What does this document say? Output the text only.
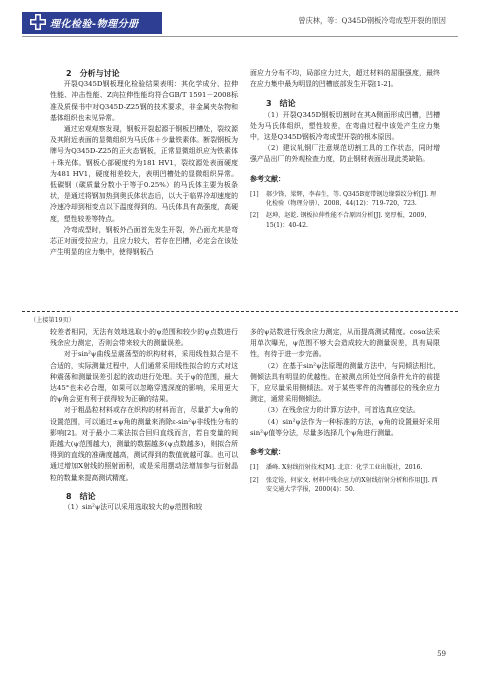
理化检验-物理分册	曾庆林，等：Q345D钢板冷弯成型开裂的原因

2　分析与讨论

开裂Q345D钢板理化检验结果表明：其化学成分、拉伸性能、冲击性能、Z向拉伸性能均符合GB/T 1591－2008标准及质保书中对Q345D-Z25钢的技术要求，非金属夹杂物和基体组织也未见异常。

通过宏观观察发现，钢板开裂起源于钢板凹槽处，裂纹源及其附近表面的显微组织为马氏体＋少量铁素体。断裂钢板为牌号为Q345D-Z25的正火态钢板，正常显微组织应为铁素体＋珠光体。钢板心部硬度约为181 HV1，裂纹源处表面硬度为481 HV1，硬度相差较大，表明凹槽处的显微组织异常。低碳钢（碳质量分数小于等于0.25%）的马氏体主要为板条状，是通过将钢加热到奥氏体状态后，以大于临界冷却速度的冷速冷却到相变点以下温度得到的。马氏体具有高强度，高硬度，塑性较差等特点。

冷弯成型时，钢板外凸面首先发生开裂，外凸面尤其是弯芯正对面受拉应力，且应力较大，若存在凹槽，必定会在该处产生明显的应力集中，使得钢板凸

面应力分布不均，局部应力过大，超过材料的屈服强度，最终在应力集中最为明显的凹槽底部发生开裂[1-2]。

3　结论

（1）开裂Q345D钢板切割时在其A侧面形成凹槽，凹槽处为马氏体组织，塑性较差，在弯曲过程中该处产生应力集中，这是Q345D钢板冷弯成型开裂的根本原因。

（2）建议轧钢厂注意规范切割工具的工作状态，同时增强产品出厂的外观检查力度，防止钢材表面出现此类缺陷。

参考文献：
[1]	郝少锋，梁辉，李春生，等. Q345B宽带钢边缘裂纹分析[J]. 理化检验（物理分册），2008，44(12)：719-720，723.
[2]	赵坤，赵乾. 钢板拉伸性能不合原因分析[J]. 宽厚板，2009，15(1)：40-42.
（上接第19页）

较差者相同，无法有效地选取小的ψ范围和较少的ψ点数进行残余应力测定，否则会带来较大的测量误差。

对于sin²ψ曲线呈震荡型的织构材料，采用线性拟合是不合适的，实际测量过程中，人们通常采用线性拟合的方式对这种震荡和测量误差引起的波动进行处理。关于ψ的范围，最大达45°也未必合理，如果可以忽略穿透深度的影响，采用更大的ψ角会更有利于获得较为正确的结果。

对于粗晶粒材料或存在织构的材料而言，尽量扩大ψ角的设置范围，可以通过±ψ角的测量来消除ε-sin²ψ非线性分布的影响[2]。对于最小二乘法拟合回归直线而言，若自变量的间距越大(ψ范围越大)，测量的数据越多(ψ点数越多)，则拟合所得到的直线的准确度越高，测试得到的数值就越可靠。也可以通过增加X射线的照射面积，或是采用摆动法增加参与衍射晶粒的数量来提高测试精度。

8　结论

（1）sin²ψ法可以采用选取较大的ψ范围和较

多的ψ站数进行残余应力测定，从而提高测试精度。cosα法采用单次曝光，ψ范围不够大会造成较大的测量误差，具有局限性，有待于进一步完善。

（2）在基于sin²ψ法原理的测量方法中，与同倾法相比，侧倾法具有明显的优越性。在被测点所处空间条件允许的前提下，应尽量采用侧倾法。对于某些零件的沟槽部位的残余应力测定，通常采用侧倾法。

（3）在残余应力的计算方法中，可首选真应变法。

（4）sin²ψ法作为一种标准的方法，ψ角的设置最好采用sin²ψ值等分法，尽量多选择几个ψ角进行测量。

参考文献：
[1]	潘峰. X射线衍射技术[M]. 北京：化学工业出版社，2016.
[2]	张定铨，何家文. 材料中残余应力的X射线衍射分析和作用[J]. 西安交通大学学报，2000(4)：50.
59
